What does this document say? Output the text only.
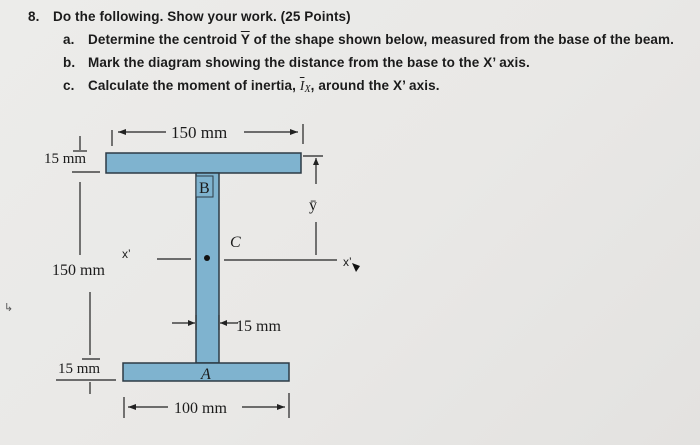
8. Do the following. Show your work. (25 Points)
a. Determine the centroid $\overline{Y}$ of the shape shown below, measured from the base of the beam.
b. Mark the diagram showing the distance from the base to the X’ axis.
c. Calculate the moment of inertia, $\overline{I}_X$, around the X’ axis.
↳
150 mm
15 mm
150 mm
15 mm
B
C
A
x’
x’
ȳ
15 mm
100 mm
